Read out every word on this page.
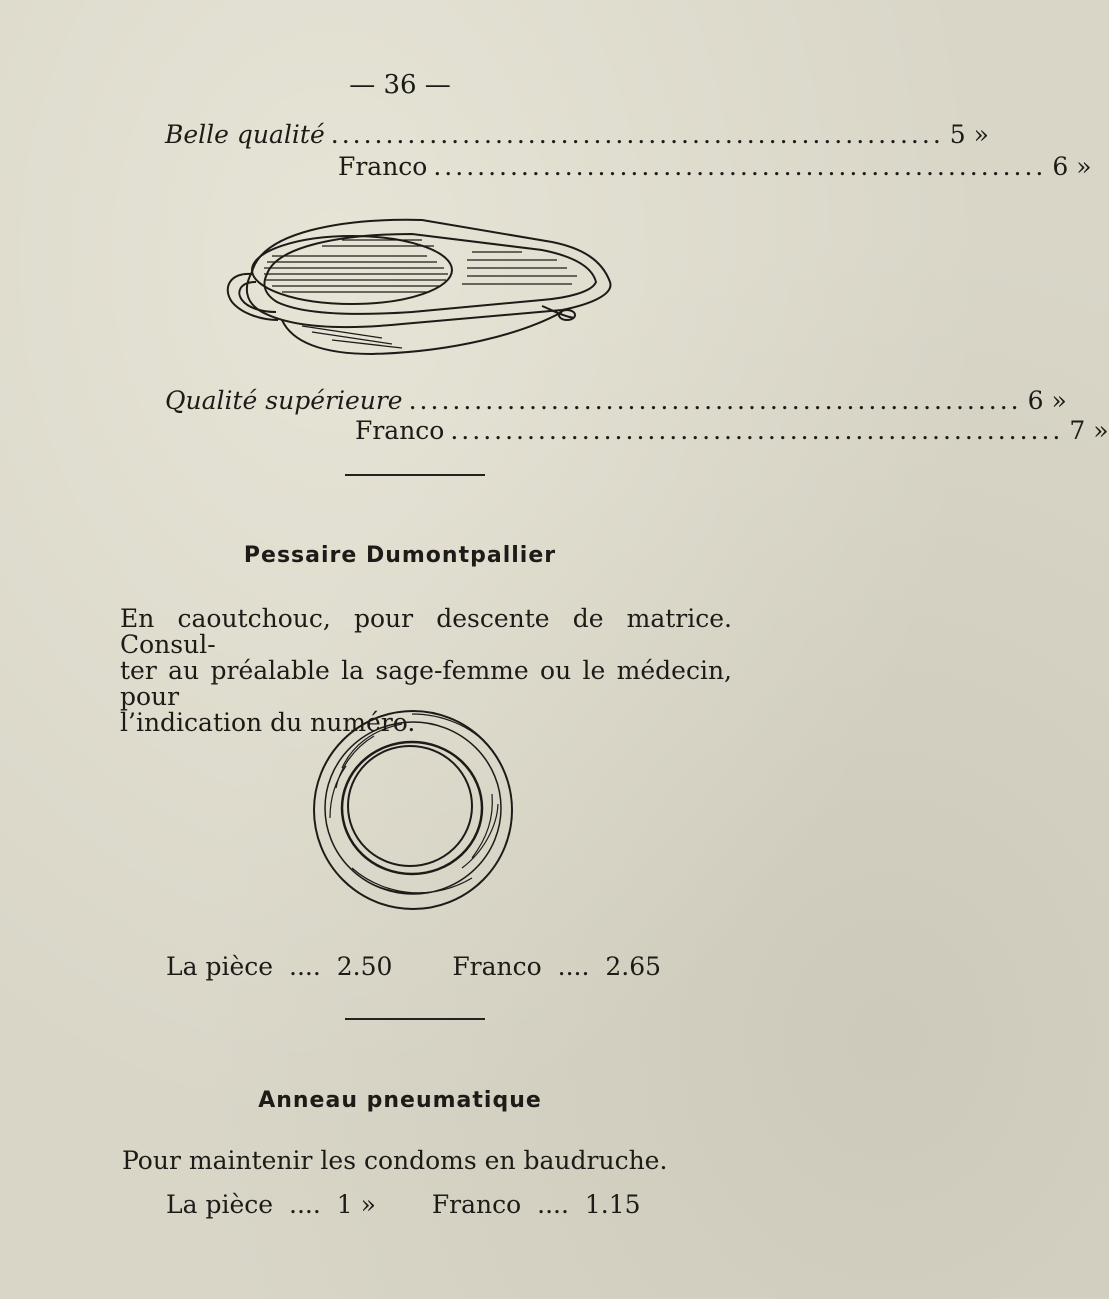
— 36 —
Belle qualité ........................................................ 5 »
Franco ........................................................ 6 »
Qualité supérieure ........................................................ 6 »
Franco ........................................................ 7 »
Pessaire Dumontpallier
En caoutchouc, pour descente de matrice. Consul-
ter au préalable la sage-femme ou le médecin, pour
l’indication du numéro.
La pièce .... 2.50 Franco .... 2.65
Anneau pneumatique
Pour maintenir les condoms en baudruche.
La pièce .... 1 » Franco .... 1.15
